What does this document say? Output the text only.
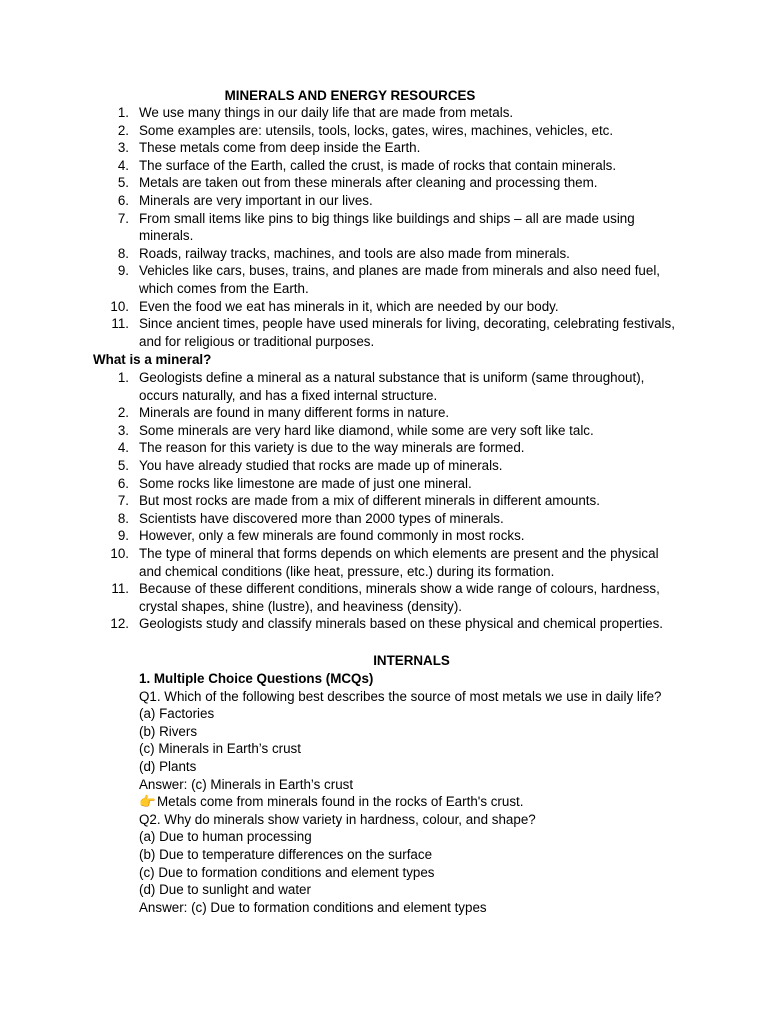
MINERALS AND ENERGY RESOURCES
1. We use many things in our daily life that are made from metals.
2. Some examples are: utensils, tools, locks, gates, wires, machines, vehicles, etc.
3. These metals come from deep inside the Earth.
4. The surface of the Earth, called the crust, is made of rocks that contain minerals.
5. Metals are taken out from these minerals after cleaning and processing them.
6. Minerals are very important in our lives.
7. From small items like pins to big things like buildings and ships – all are made using minerals.
8. Roads, railway tracks, machines, and tools are also made from minerals.
9. Vehicles like cars, buses, trains, and planes are made from minerals and also need fuel, which comes from the Earth.
10. Even the food we eat has minerals in it, which are needed by our body.
11. Since ancient times, people have used minerals for living, decorating, celebrating festivals, and for religious or traditional purposes.
What is a mineral?
1. Geologists define a mineral as a natural substance that is uniform (same throughout), occurs naturally, and has a fixed internal structure.
2. Minerals are found in many different forms in nature.
3. Some minerals are very hard like diamond, while some are very soft like talc.
4. The reason for this variety is due to the way minerals are formed.
5. You have already studied that rocks are made up of minerals.
6. Some rocks like limestone are made of just one mineral.
7. But most rocks are made from a mix of different minerals in different amounts.
8. Scientists have discovered more than 2000 types of minerals.
9. However, only a few minerals are found commonly in most rocks.
10. The type of mineral that forms depends on which elements are present and the physical and chemical conditions (like heat, pressure, etc.) during its formation.
11. Because of these different conditions, minerals show a wide range of colours, hardness, crystal shapes, shine (lustre), and heaviness (density).
12. Geologists study and classify minerals based on these physical and chemical properties.
INTERNALS
1. Multiple Choice Questions (MCQs)
Q1. Which of the following best describes the source of most metals we use in daily life?
(a) Factories
(b) Rivers
(c) Minerals in Earth’s crust
(d) Plants
Answer: (c) Minerals in Earth’s crust
👉Metals come from minerals found in the rocks of Earth's crust.
Q2. Why do minerals show variety in hardness, colour, and shape?
(a) Due to human processing
(b) Due to temperature differences on the surface
(c) Due to formation conditions and element types
(d) Due to sunlight and water
Answer: (c) Due to formation conditions and element types
